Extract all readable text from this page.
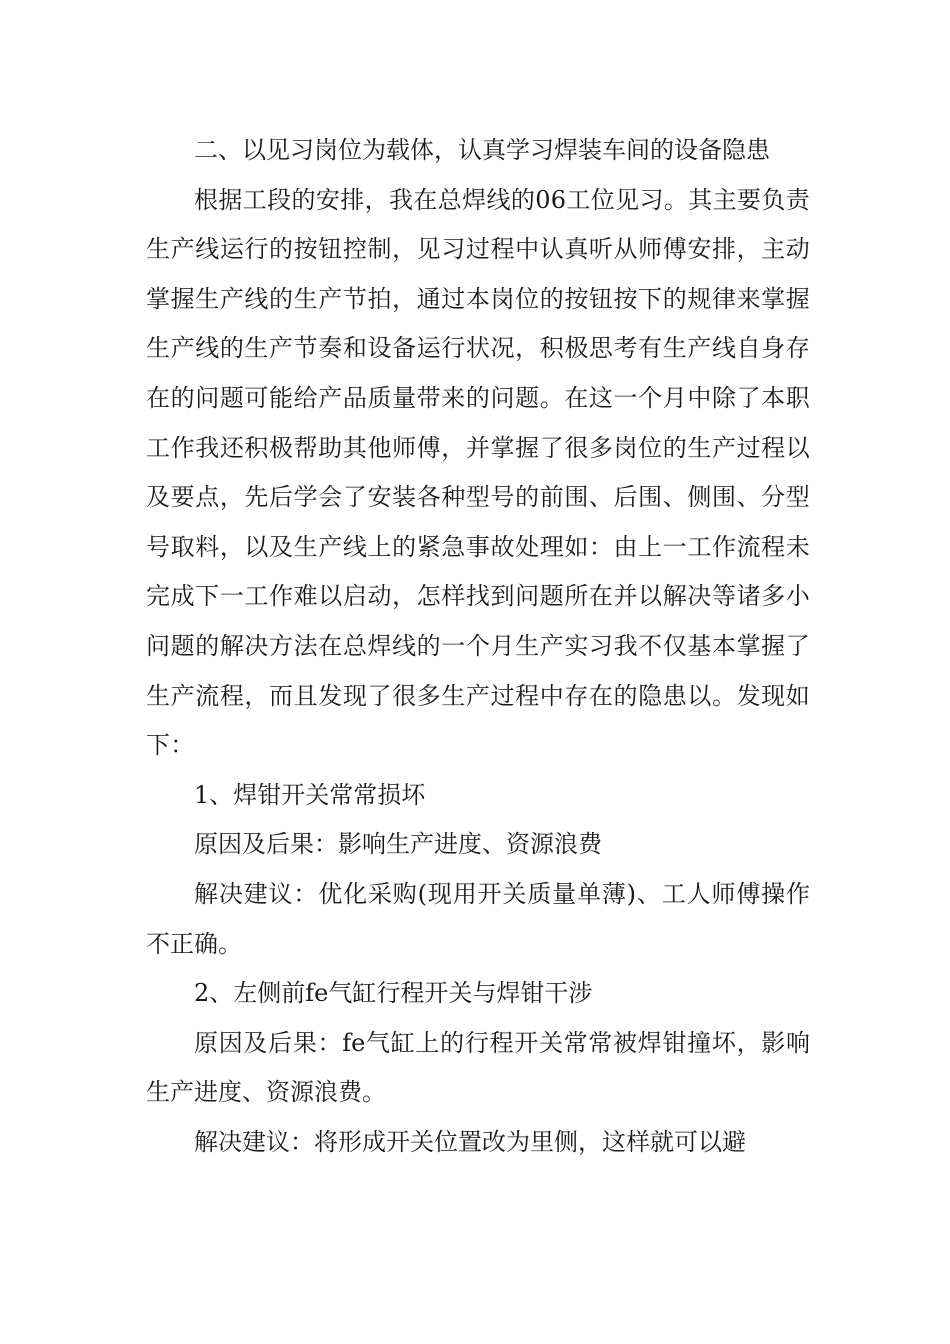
二、以见习岗位为载体，认真学习焊装车间的设备隐患

根据工段的安排，我在总焊线的06工位见习。其主要负责生产线运行的按钮控制，见习过程中认真听从师傅安排，主动掌握生产线的生产节拍，通过本岗位的按钮按下的规律来掌握生产线的生产节奏和设备运行状况，积极思考有生产线自身存在的问题可能给产品质量带来的问题。在这一个月中除了本职工作我还积极帮助其他师傅，并掌握了很多岗位的生产过程以及要点，先后学会了安装各种型号的前围、后围、侧围、分型号取料，以及生产线上的紧急事故处理如：由上一工作流程未完成下一工作难以启动，怎样找到问题所在并以解决等诸多小问题的解决方法在总焊线的一个月生产实习我不仅基本掌握了生产流程，而且发现了很多生产过程中存在的隐患以。发现如下：

1、焊钳开关常常损坏

原因及后果：影响生产进度、资源浪费

解决建议：优化采购(现用开关质量单薄)、工人师傅操作不正确。

2、左侧前fe气缸行程开关与焊钳干涉

原因及后果：fe气缸上的行程开关常常被焊钳撞坏，影响生产进度、资源浪费。

解决建议：将形成开关位置改为里侧，这样就可以避
